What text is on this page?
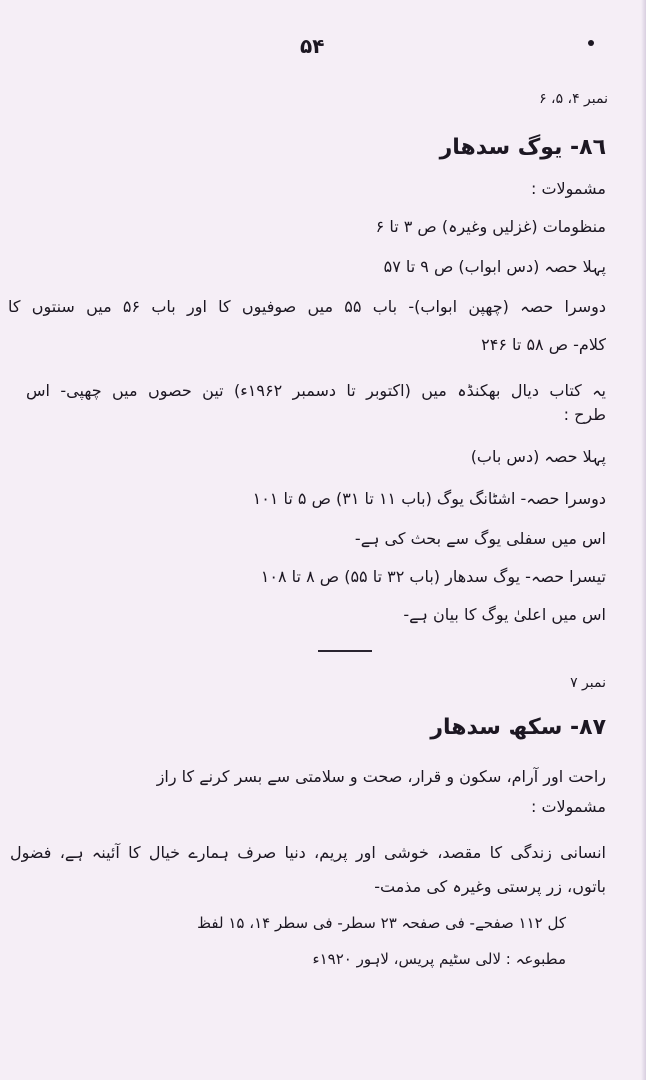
۵۴
نمبر ۴، ۵، ۶
٨٦- یوگ سدھار
مشمولات :
منظومات (غزلیں وغیرہ) ص ۳ تا ۶
پہلا حصہ (دس ابواب) ص ۹ تا ۵۷
دوسرا حصہ (چھپن ابواب)- باب ۵۵ میں صوفیوں کا اور باب ۵۶ میں سنتوں کا
کلام- ص ۵۸ تا ۲۴۶
یہ کتاب دیال بھکنڈہ میں (اکتوبر تا دسمبر ۱۹۶۲ء) تین حصوں میں چھپی- اس
طرح :
پہلا حصہ (دس باب)
دوسرا حصہ- اشٹانگ یوگ (باب ۱۱ تا ۳۱) ص ۵ تا ۱۰۱
اس میں سفلی یوگ سے بحث کی ہے-
تیسرا حصہ- یوگ سدھار (باب ۳۲ تا ۵۵) ص ۸ تا ۱۰۸
اس میں اعلیٰ یوگ کا بیان ہے-
نمبر ۷
٨٧- سکھ سدھار
راحت اور آرام، سکون و قرار، صحت و سلامتی سے بسر کرنے کا راز
مشمولات :
انسانی زندگی کا مقصد، خوشی اور پریم، دنیا صرف ہمارے خیال کا آئینہ ہے، فضول
باتوں، زر پرستی وغیرہ کی مذمت-
کل ۱۱۲ صفحے- فی صفحہ ۲۳ سطر- فی سطر ۱۴، ۱۵ لفظ
مطبوعہ : لالی سٹیم پریس، لاہور ۱۹۲۰ء
